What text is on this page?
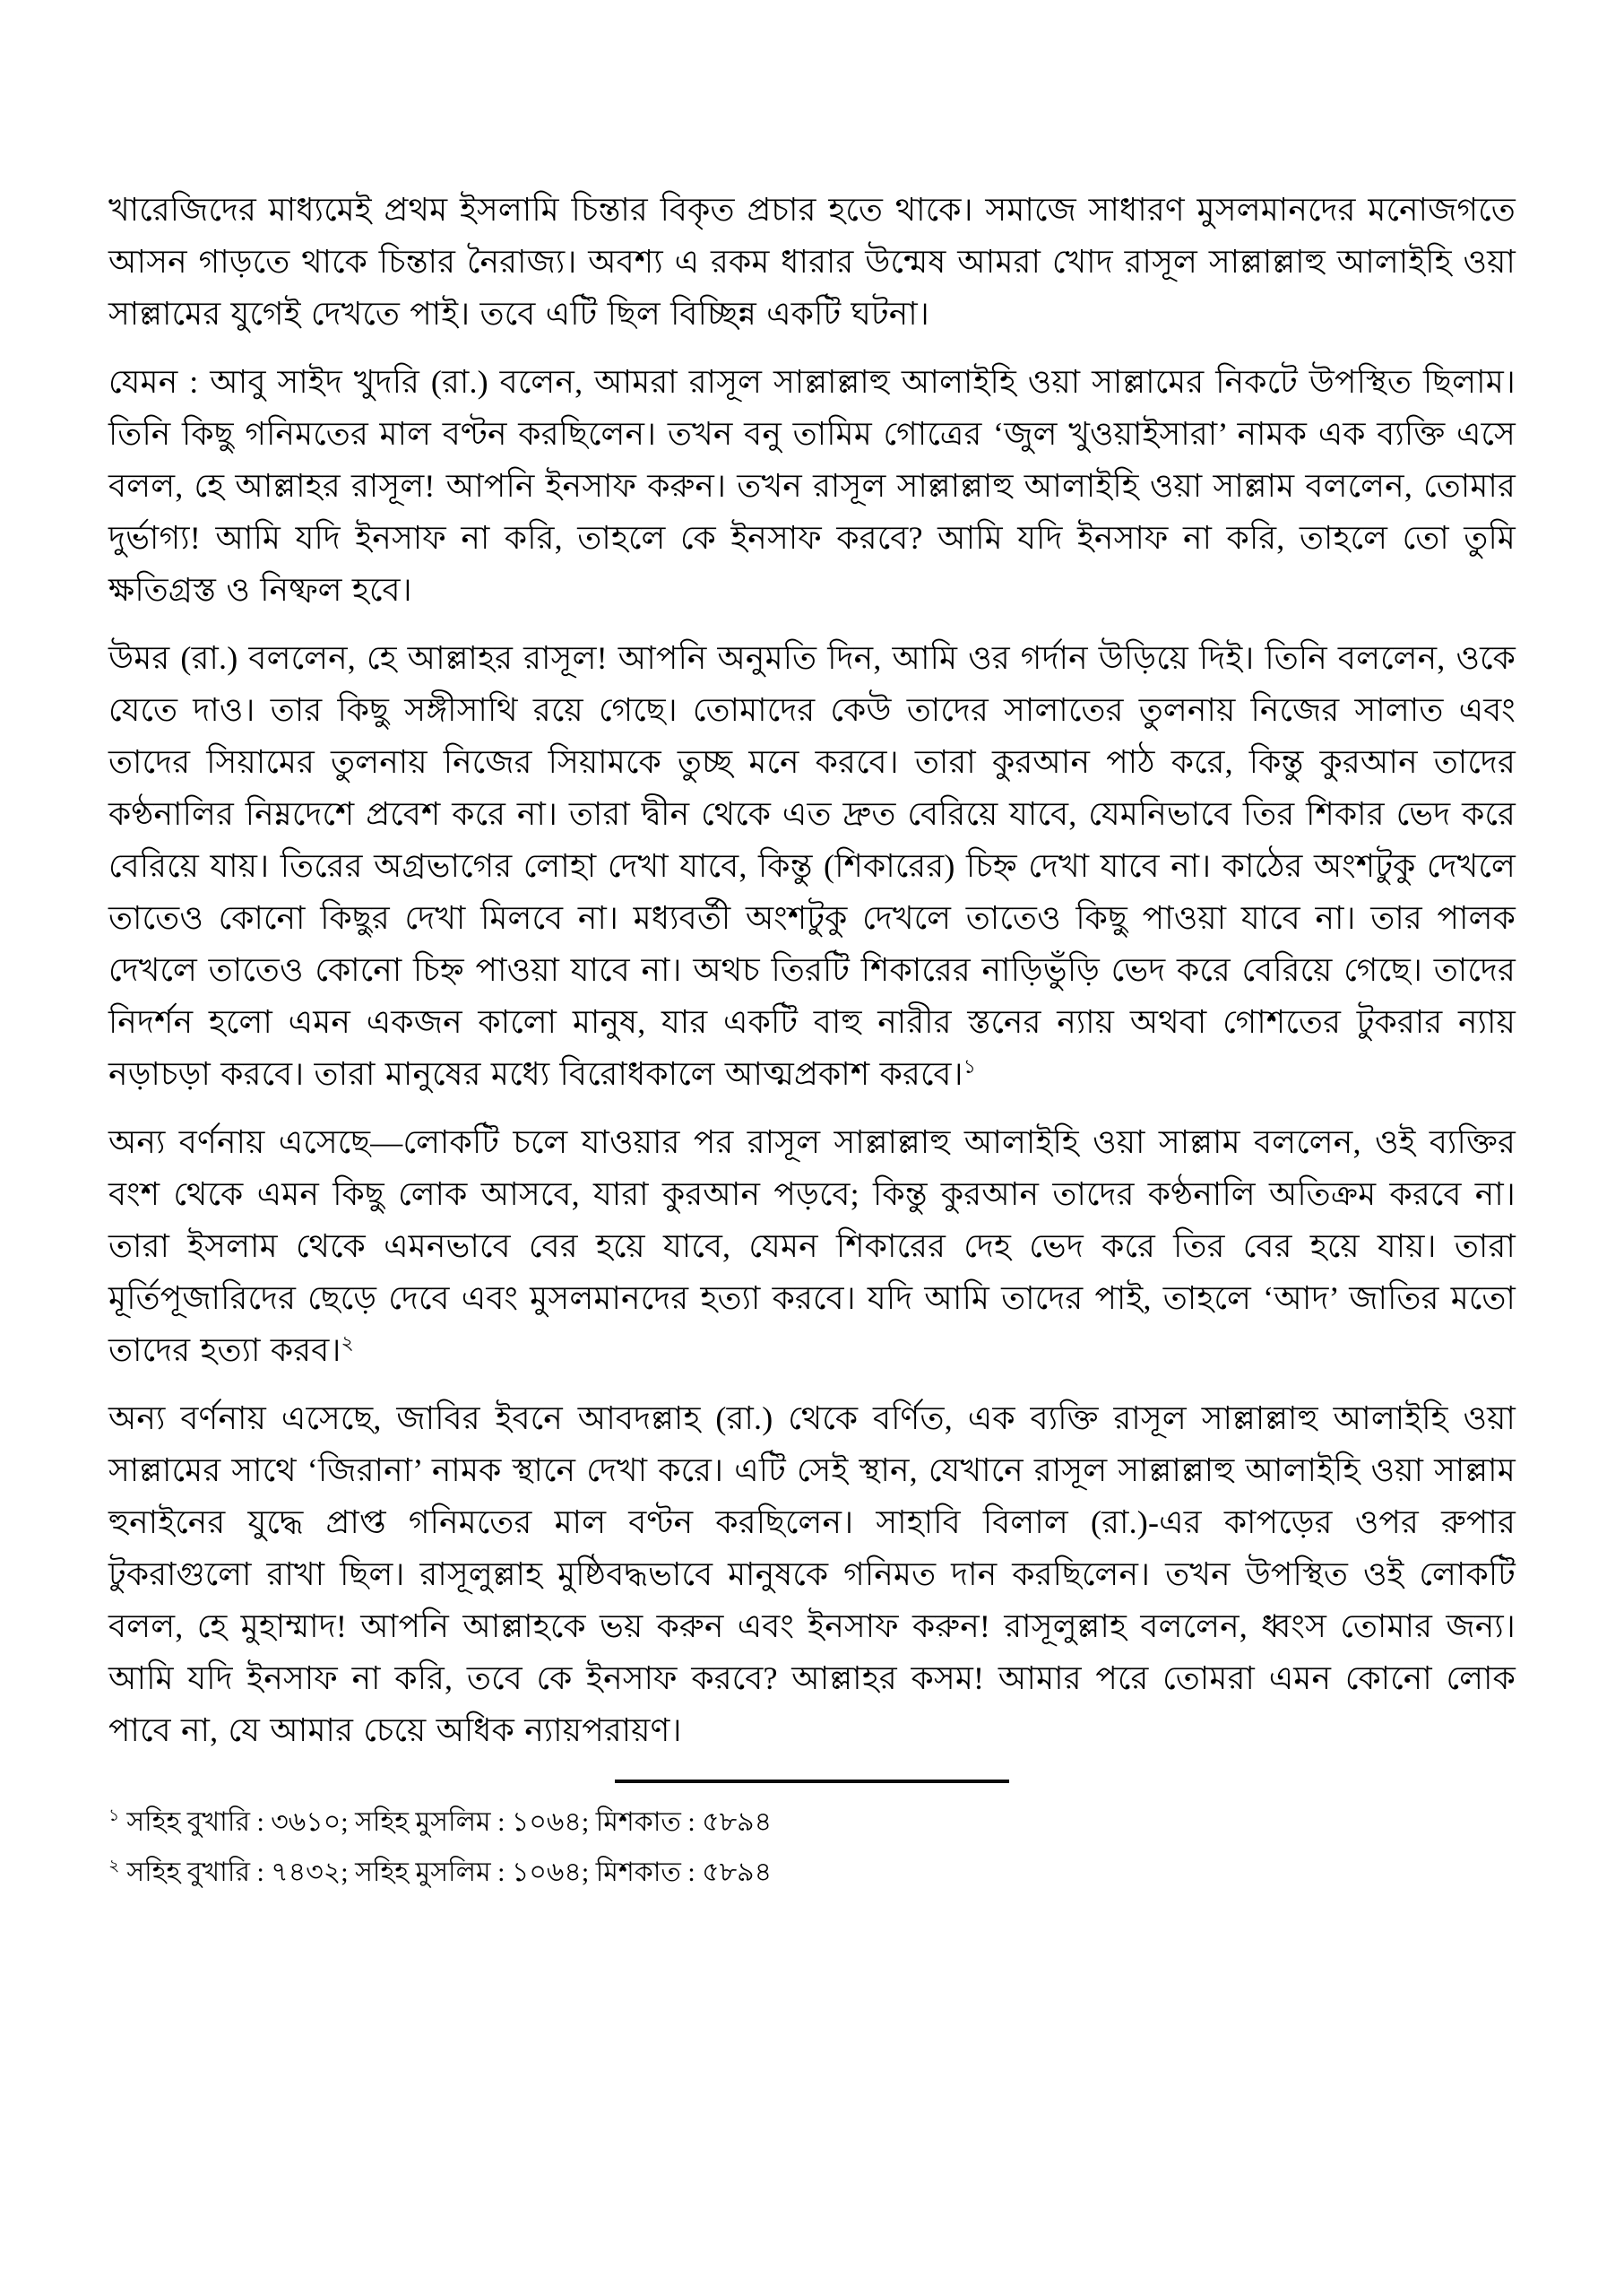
খারেজিদের মাধ্যমেই প্রথম ইসলামি চিন্তার বিকৃত প্রচার হতে থাকে। সমাজে সাধারণ মুসলমানদের মনোজগতে আসন গাড়তে থাকে চিন্তার নৈরাজ্য। অবশ্য এ রকম ধারার উন্মেষ আমরা খোদ রাসূল সাল্লাল্লাহু আলাইহি ওয়া সাল্লামের যুগেই দেখতে পাই। তবে এটি ছিল বিচ্ছিন্ন একটি ঘটনা।

যেমন : আবু সাইদ খুদরি (রা.) বলেন, আমরা রাসূল সাল্লাল্লাহু আলাইহি ওয়া সাল্লামের নিকটে উপস্থিত ছিলাম। তিনি কিছু গনিমতের মাল বণ্টন করছিলেন। তখন বনু তামিম গোত্রের ‘জুল খুওয়াইসারা’ নামক এক ব্যক্তি এসে বলল, হে আল্লাহর রাসূল! আপনি ইনসাফ করুন। তখন রাসূল সাল্লাল্লাহু আলাইহি ওয়া সাল্লাম বললেন, তোমার দুর্ভাগ্য! আমি যদি ইনসাফ না করি, তাহলে কে ইনসাফ করবে? আমি যদি ইনসাফ না করি, তাহলে তো তুমি ক্ষতিগ্রস্ত ও নিষ্ফল হবে।

উমর (রা.) বললেন, হে আল্লাহর রাসূল! আপনি অনুমতি দিন, আমি ওর গর্দান উড়িয়ে দিই। তিনি বললেন, ওকে যেতে দাও। তার কিছু সঙ্গীসাথি রয়ে গেছে। তোমাদের কেউ তাদের সালাতের তুলনায় নিজের সালাত এবং তাদের সিয়ামের তুলনায় নিজের সিয়ামকে তুচ্ছ মনে করবে। তারা কুরআন পাঠ করে, কিন্তু কুরআন তাদের কণ্ঠনালির নিম্নদেশে প্রবেশ করে না। তারা দ্বীন থেকে এত দ্রুত বেরিয়ে যাবে, যেমনিভাবে তির শিকার ভেদ করে বেরিয়ে যায়। তিরের অগ্রভাগের লোহা দেখা যাবে, কিন্তু (শিকারের) চিহ্ন দেখা যাবে না। কাঠের অংশটুকু দেখলে তাতেও কোনো কিছুর দেখা মিলবে না। মধ্যবর্তী অংশটুকু দেখলে তাতেও কিছু পাওয়া যাবে না। তার পালক দেখলে তাতেও কোনো চিহ্ন পাওয়া যাবে না। অথচ তিরটি শিকারের নাড়িভুঁড়ি ভেদ করে বেরিয়ে গেছে। তাদের নিদর্শন হলো এমন একজন কালো মানুষ, যার একটি বাহু নারীর স্তনের ন্যায় অথবা গোশতের টুকরার ন্যায় নড়াচড়া করবে। তারা মানুষের মধ্যে বিরোধকালে আত্মপ্রকাশ করবে।$^১$

অন্য বর্ণনায় এসেছে—লোকটি চলে যাওয়ার পর রাসূল সাল্লাল্লাহু আলাইহি ওয়া সাল্লাম বললেন, ওই ব্যক্তির বংশ থেকে এমন কিছু লোক আসবে, যারা কুরআন পড়বে; কিন্তু কুরআন তাদের কণ্ঠনালি অতিক্রম করবে না। তারা ইসলাম থেকে এমনভাবে বের হয়ে যাবে, যেমন শিকারের দেহ ভেদ করে তির বের হয়ে যায়। তারা মূর্তিপূজারিদের ছেড়ে দেবে এবং মুসলমানদের হত্যা করবে। যদি আমি তাদের পাই, তাহলে ‘আদ’ জাতির মতো তাদের হত্যা করব।$^২$

অন্য বর্ণনায় এসেছে, জাবির ইবনে আবদল্লাহ (রা.) থেকে বর্ণিত, এক ব্যক্তি রাসূল সাল্লাল্লাহু আলাইহি ওয়া সাল্লামের সাথে ‘জিরানা’ নামক স্থানে দেখা করে। এটি সেই স্থান, যেখানে রাসূল সাল্লাল্লাহু আলাইহি ওয়া সাল্লাম হুনাইনের যুদ্ধে প্রাপ্ত গনিমতের মাল বণ্টন করছিলেন। সাহাবি বিলাল (রা.)-এর কাপড়ের ওপর রুপার টুকরাগুলো রাখা ছিল। রাসূলুল্লাহ মুষ্ঠিবদ্ধভাবে মানুষকে গনিমত দান করছিলেন। তখন উপস্থিত ওই লোকটি বলল, হে মুহাম্মাদ! আপনি আল্লাহকে ভয় করুন এবং ইনসাফ করুন! রাসূলুল্লাহ বললেন, ধ্বংস তোমার জন্য। আমি যদি ইনসাফ না করি, তবে কে ইনসাফ করবে? আল্লাহর কসম! আমার পরে তোমরা এমন কোনো লোক পাবে না, যে আমার চেয়ে অধিক ন্যায়পরায়ণ।

$^১$ সহিহ বুখারি : ৩৬১০; সহিহ মুসলিম : ১০৬৪; মিশকাত : ৫৮৯৪
$^২$ সহিহ বুখারি : ৭৪৩২; সহিহ মুসলিম : ১০৬৪; মিশকাত : ৫৮৯৪
